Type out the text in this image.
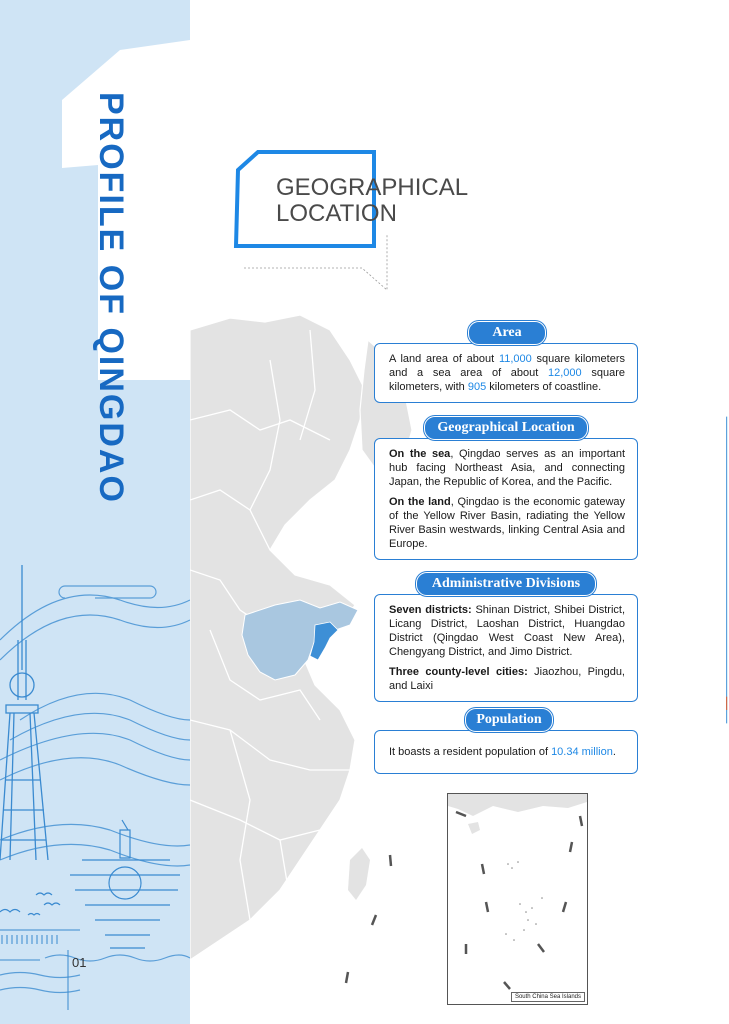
PROFILE OF QINGDAO
01
GEOGRAPHICAL
LOCATION

A land area of about 11,000 square kilometers and a sea area of about 12,000 square kilometers, with 905 kilometers of coastline.

Area

On the sea, Qingdao serves as an important hub facing Northeast Asia, and connecting Japan, the Republic of Korea, and the Pacific.

On the land, Qingdao is the economic gateway of the Yellow River Basin, radiating the Yellow River Basin westwards, linking Central Asia and Europe.

Geographical Location

Seven districts: Shinan District, Shibei District, Licang District, Laoshan District, Huangdao District (Qingdao West Coast New Area), Chengyang District, and Jimo District.

Three county-level cities: Jiaozhou, Pingdu, and Laixi

Administrative Divisions

It boasts a resident population of 10.34 million.

Population
South China Sea Islands
